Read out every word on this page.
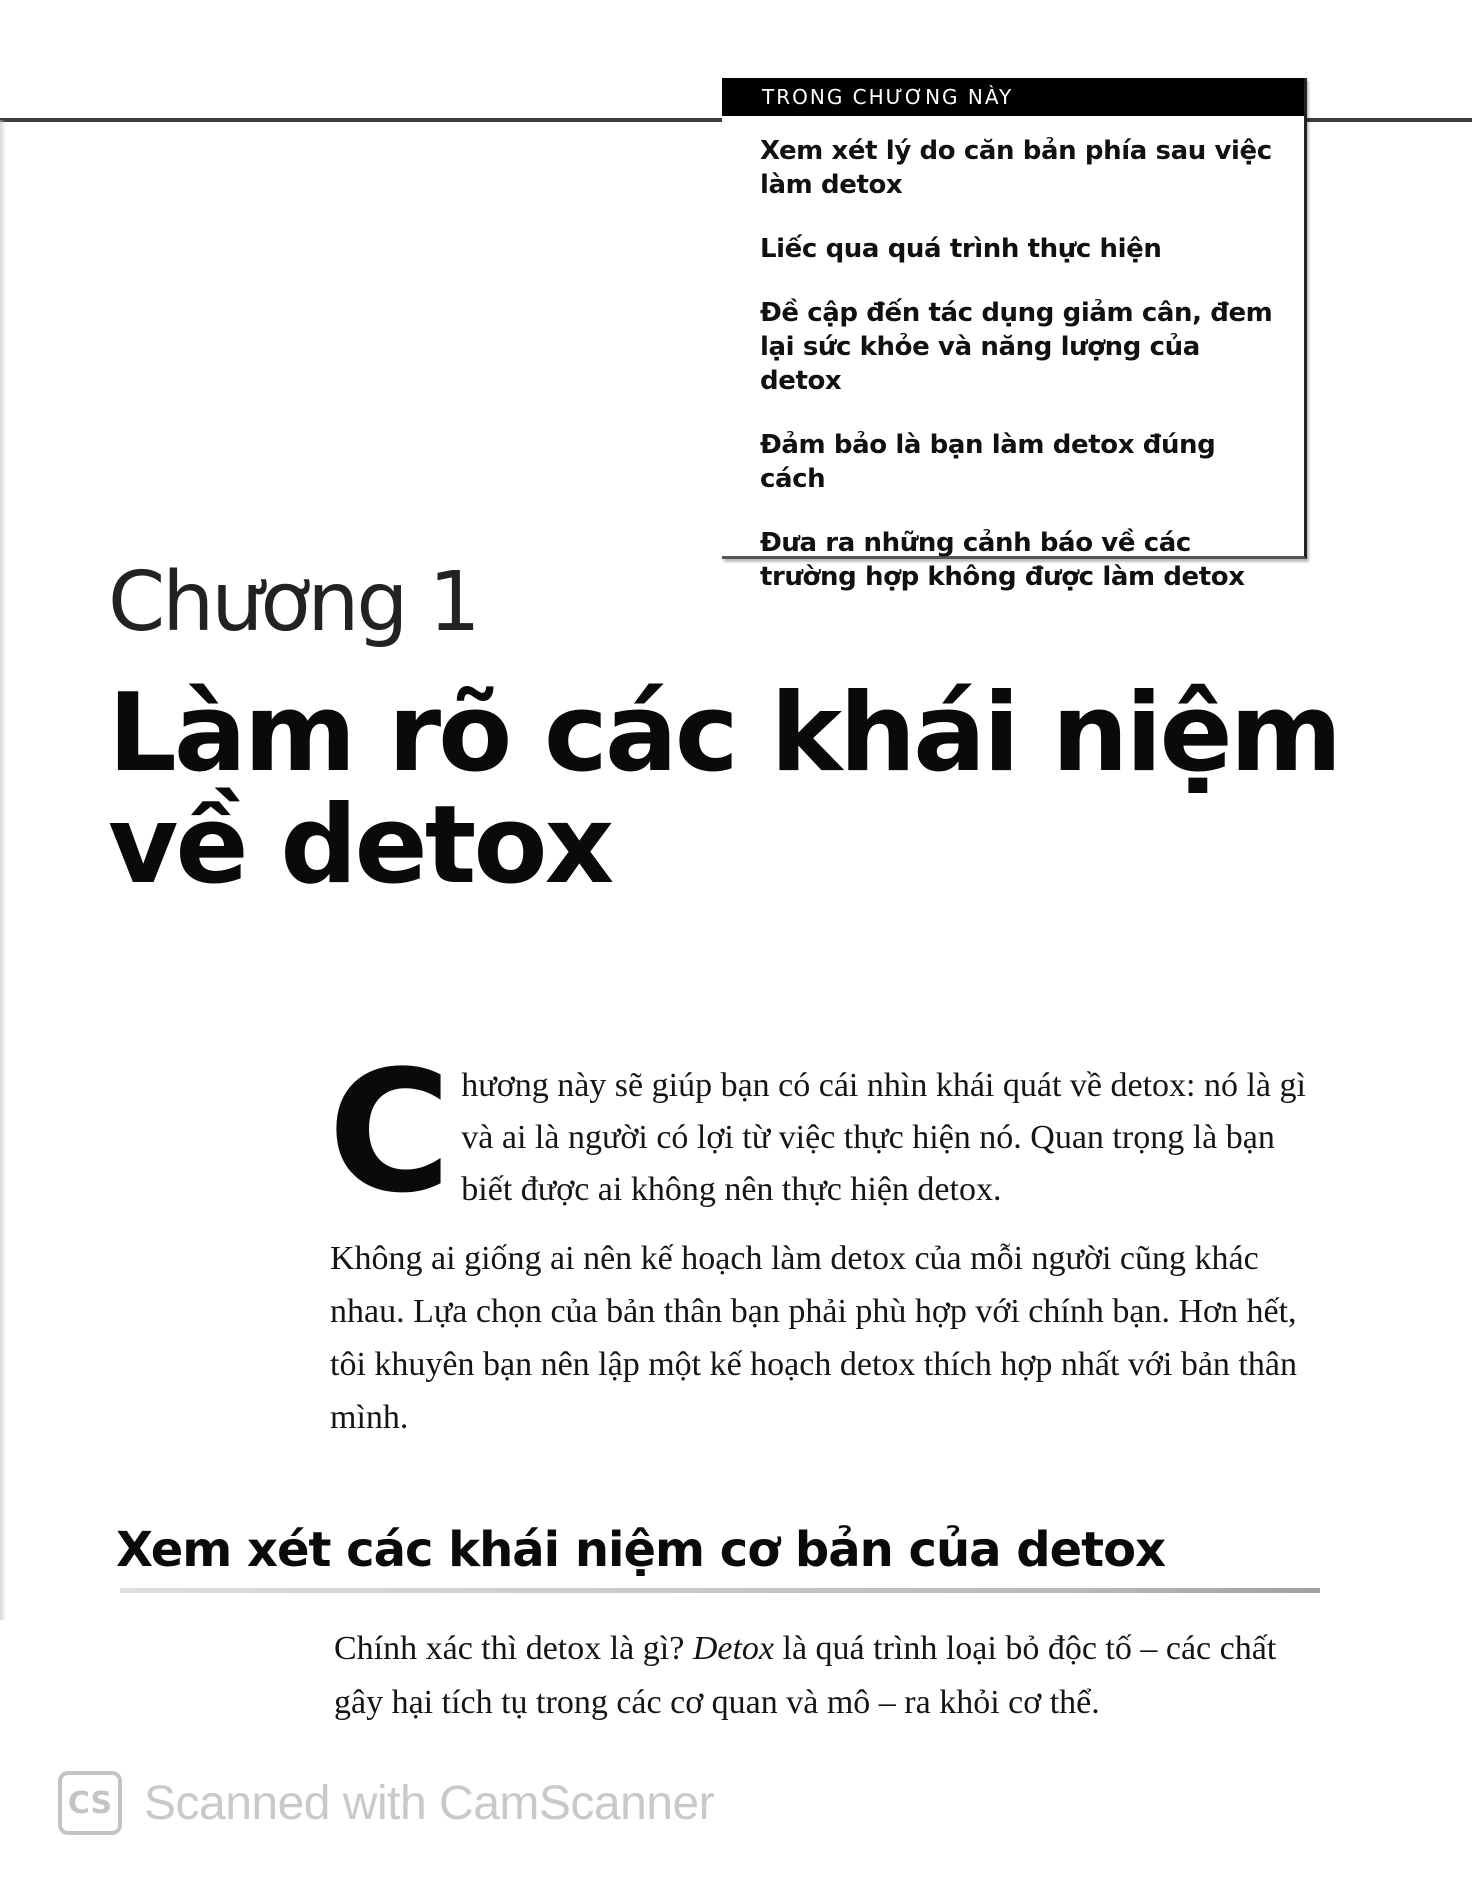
TRONG CHƯƠNG NÀY
Xem xét lý do căn bản phía sau việc làm detox
Liếc qua quá trình thực hiện
Đề cập đến tác dụng giảm cân, đem lại sức khỏe và năng lượng của detox
Đảm bảo là bạn làm detox đúng cách
Đưa ra những cảnh báo về các trường hợp không được làm detox
Chương 1
Làm rõ các khái niệm về detox
C hương này sẽ giúp bạn có cái nhìn khái quát về detox: nó là gì và ai là người có lợi từ việc thực hiện nó. Quan trọng là bạn biết được ai không nên thực hiện detox.

Không ai giống ai nên kế hoạch làm detox của mỗi người cũng khác nhau. Lựa chọn của bản thân bạn phải phù hợp với chính bạn. Hơn hết, tôi khuyên bạn nên lập một kế hoạch detox thích hợp nhất với bản thân mình.

Xem xét các khái niệm cơ bản của detox

Chính xác thì detox là gì? Detox là quá trình loại bỏ độc tố – các chất gây hại tích tụ trong các cơ quan và mô – ra khỏi cơ thể.

CS Scanned with CamScanner
